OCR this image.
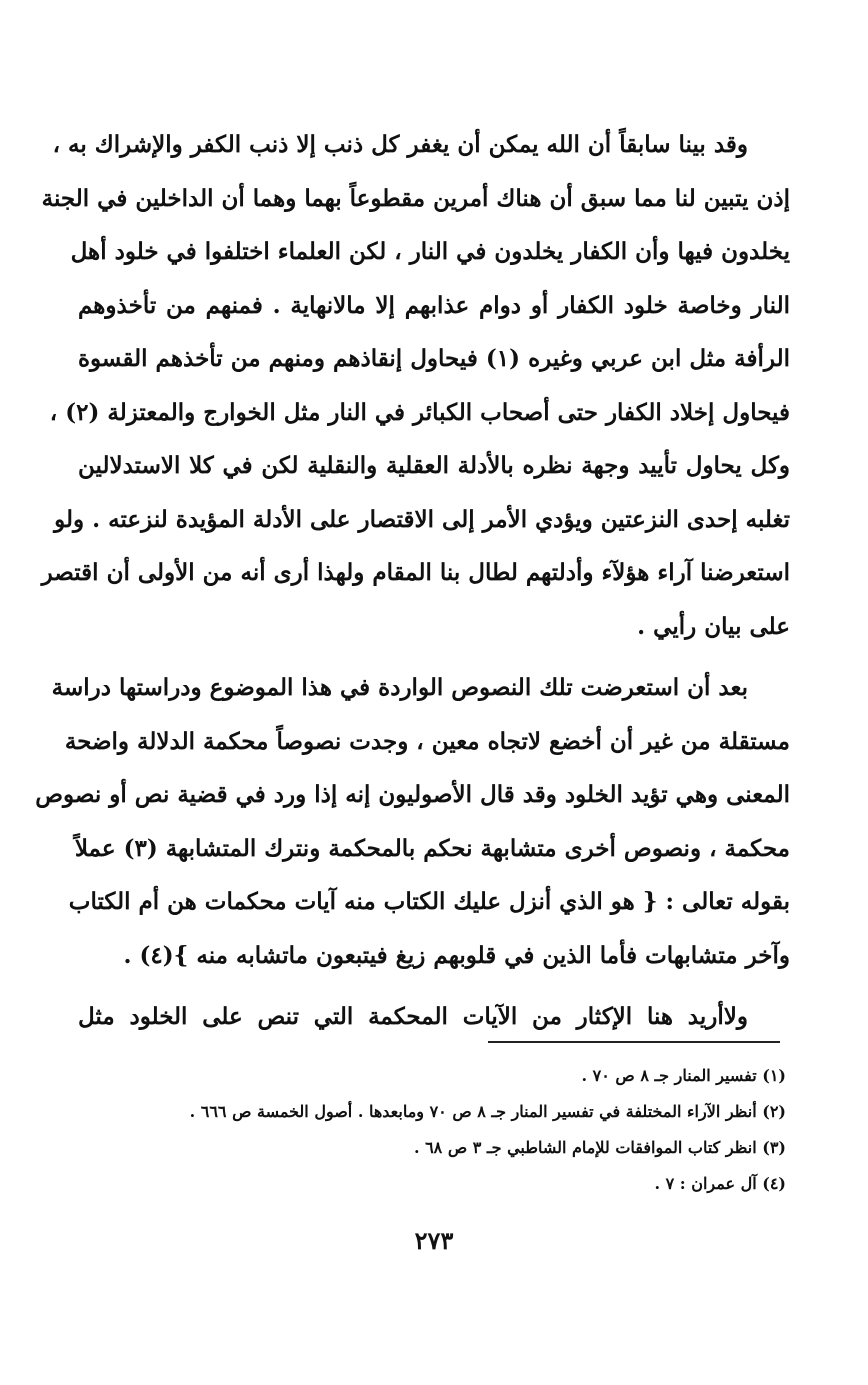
وقد بينا سابقاً أن الله يمكن أن يغفر كل ذنب إلا ذنب الكفر والإشراك به ،
إذن يتبين لنا مما سبق أن هناك أمرين مقطوعاً بهما وهما أن الداخلين في الجنة
يخلدون فيها وأن الكفار يخلدون في النار ، لكن العلماء اختلفوا في خلود أهل
النار وخاصة خلود الكفار أو دوام عذابهم إلا مالانهاية . فمنهم من تأخذوهم
الرأفة مثل ابن عربي وغيره (١) فيحاول إنقاذهم ومنهم من تأخذهم القسوة
فيحاول إخلاد الكفار حتى أصحاب الكبائر في النار مثل الخوارج والمعتزلة (٢) ،
وكل يحاول تأييد وجهة نظره بالأدلة العقلية والنقلية لكن في كلا الاستدلالين
تغلبه إحدى النزعتين ويؤدي الأمر إلى الاقتصار على الأدلة المؤيدة لنزعته . ولو
استعرضنا آراء هؤلآء وأدلتهم لطال بنا المقام ولهذا أرى أنه من الأولى أن اقتصر
على بيان رأيي .
بعد أن استعرضت تلك النصوص الواردة في هذا الموضوع ودراستها دراسة
مستقلة من غير أن أخضع لاتجاه معين ، وجدت نصوصاً محكمة الدلالة واضحة
المعنى وهي تؤيد الخلود وقد قال الأصوليون إنه إذا ورد في قضية نص أو نصوص
محكمة ، ونصوص أخرى متشابهة نحكم بالمحكمة ونترك المتشابهة (٣) عملاً
بقوله تعالى : { هو الذي أنزل عليك الكتاب منه آيات محكمات هن أم الكتاب
وآخر متشابهات فأما الذين في قلوبهم زيغ فيتبعون ماتشابه منه }(٤) .
ولاأريد هنا الإكثار من الآيات المحكمة التي تنص على الخلود مثل
(١) تفسير المنار جـ ٨ ص ٧٠ .
(٢) أنظر الآراء المختلفة في تفسير المنار جـ ٨ ص ٧٠ ومابعدها . أصول الخمسة ص ٦٦٦ .
(٣) انظر كتاب الموافقات للإمام الشاطبي جـ ٣ ص ٦٨ .
(٤) آل عمران : ٧ .
٢٧٣
